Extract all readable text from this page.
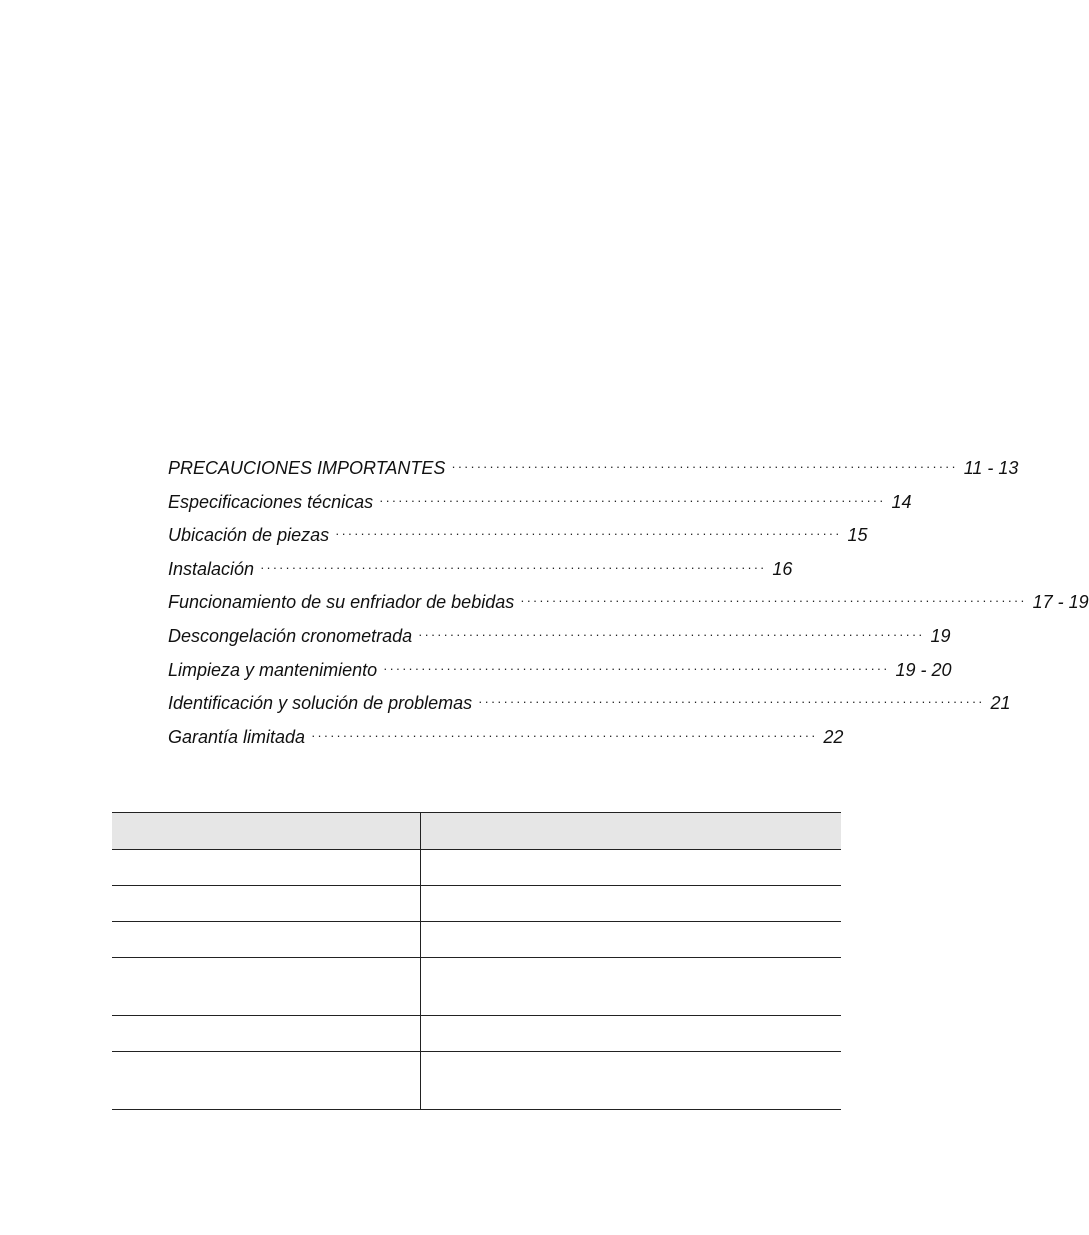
PRECAUCIONES IMPORTANTES ················································································ 11 - 13
Especificaciones técnicas ················································································ 14
Ubicación de piezas ················································································ 15
Instalación ················································································ 16
Funcionamiento de su enfriador de bebidas ················································································ 17 - 19
Descongelación cronometrada ················································································ 19
Limpieza y mantenimiento ················································································ 19 - 20
Identificación y solución de problemas ················································································ 21
Garantía limitada ················································································ 22
